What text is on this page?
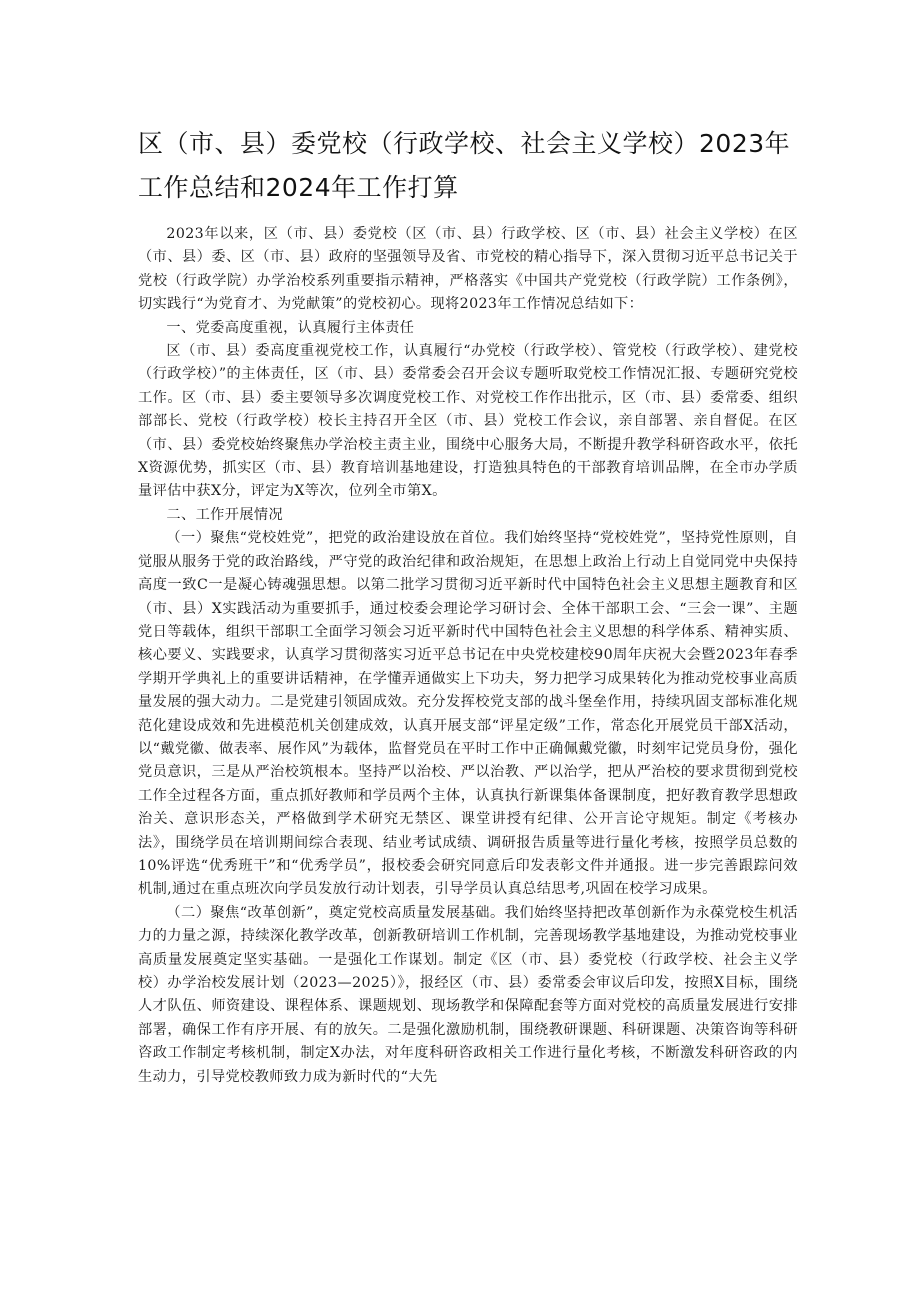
区（市、县）委党校（行政学校、社会主义学校）2023年工作总结和2024年工作打算

2023年以来，区（市、县）委党校（区（市、县）行政学校、区（市、县）社会主义学校）在区（市、县）委、区（市、县）政府的坚强领导及省、市党校的精心指导下，深入贯彻习近平总书记关于党校（行政学院）办学治校系列重要指示精神，严格落实《中国共产党党校（行政学院）工作条例》，切实践行“为党育才、为党献策”的党校初心。现将2023年工作情况总结如下：

一、党委高度重视，认真履行主体责任

区（市、县）委高度重视党校工作，认真履行“办党校（行政学校）、管党校（行政学校）、建党校（行政学校）”的主体责任，区（市、县）委常委会召开会议专题听取党校工作情况汇报、专题研究党校工作。区（市、县）委主要领导多次调度党校工作、对党校工作作出批示，区（市、县）委常委、组织部部长、党校（行政学校）校长主持召开全区（市、县）党校工作会议，亲自部署、亲自督促。在区（市、县）委党校始终聚焦办学治校主责主业，围绕中心服务大局，不断提升教学科研咨政水平，依托X资源优势，抓实区（市、县）教育培训基地建设，打造独具特色的干部教育培训品牌，在全市办学质量评估中获X分，评定为X等次，位列全市第X。

二、工作开展情况

（一）聚焦“党校姓党”，把党的政治建设放在首位。我们始终坚持“党校姓党”，坚持党性原则，自觉服从服务于党的政治路线，严守党的政治纪律和政治规矩，在思想上政治上行动上自觉同党中央保持高度一致C一是凝心铸魂强思想。以第二批学习贯彻习近平新时代中国特色社会主义思想主题教育和区（市、县）X实践活动为重要抓手，通过校委会理论学习研讨会、全体干部职工会、“三会一课”、主题党日等载体，组织干部职工全面学习领会习近平新时代中国特色社会主义思想的科学体系、精神实质、核心要义、实践要求，认真学习贯彻落实习近平总书记在中央党校建校90周年庆祝大会暨2023年春季学期开学典礼上的重要讲话精神，在学懂弄通做实上下功夫，努力把学习成果转化为推动党校事业高质量发展的强大动力。二是党建引领固成效。充分发挥校党支部的战斗堡垒作用，持续巩固支部标准化规范化建设成效和先进模范机关创建成效，认真开展支部“评星定级”工作，常态化开展党员干部X活动，以“戴党徽、做表率、展作风”为载体，监督党员在平时工作中正确佩戴党徽，时刻牢记党员身份，强化党员意识，三是从严治校筑根本。坚持严以治校、严以治教、严以治学，把从严治校的要求贯彻到党校工作全过程各方面，重点抓好教师和学员两个主体，认真执行新课集体备课制度，把好教育教学思想政治关、意识形态关，严格做到学术研究无禁区、课堂讲授有纪律、公开言论守规矩。制定《考核办法》，围绕学员在培训期间综合表现、结业考试成绩、调研报告质量等进行量化考核，按照学员总数的10%评选“优秀班干”和“优秀学员”，报校委会研究同意后印发表彰文件并通报。进一步完善跟踪问效机制,通过在重点班次向学员发放行动计划表，引导学员认真总结思考,巩固在校学习成果。

（二）聚焦“改革创新”，奠定党校高质量发展基础。我们始终坚持把改革创新作为永葆党校生机活力的力量之源，持续深化教学改革，创新教研培训工作机制，完善现场教学基地建设，为推动党校事业高质量发展奠定坚实基础。一是强化工作谋划。制定《区（市、县）委党校（行政学校、社会主义学校）办学治校发展计划（2023—2025）》，报经区（市、县）委常委会审议后印发，按照X目标，围绕人才队伍、师资建设、课程体系、课题规划、现场教学和保障配套等方面对党校的高质量发展进行安排部署，确保工作有序开展、有的放矢。二是强化激励机制，围绕教研课题、科研课题、决策咨询等科研咨政工作制定考核机制，制定X办法，对年度科研咨政相关工作进行量化考核，不断激发科研咨政的内生动力，引导党校教师致力成为新时代的“大先
